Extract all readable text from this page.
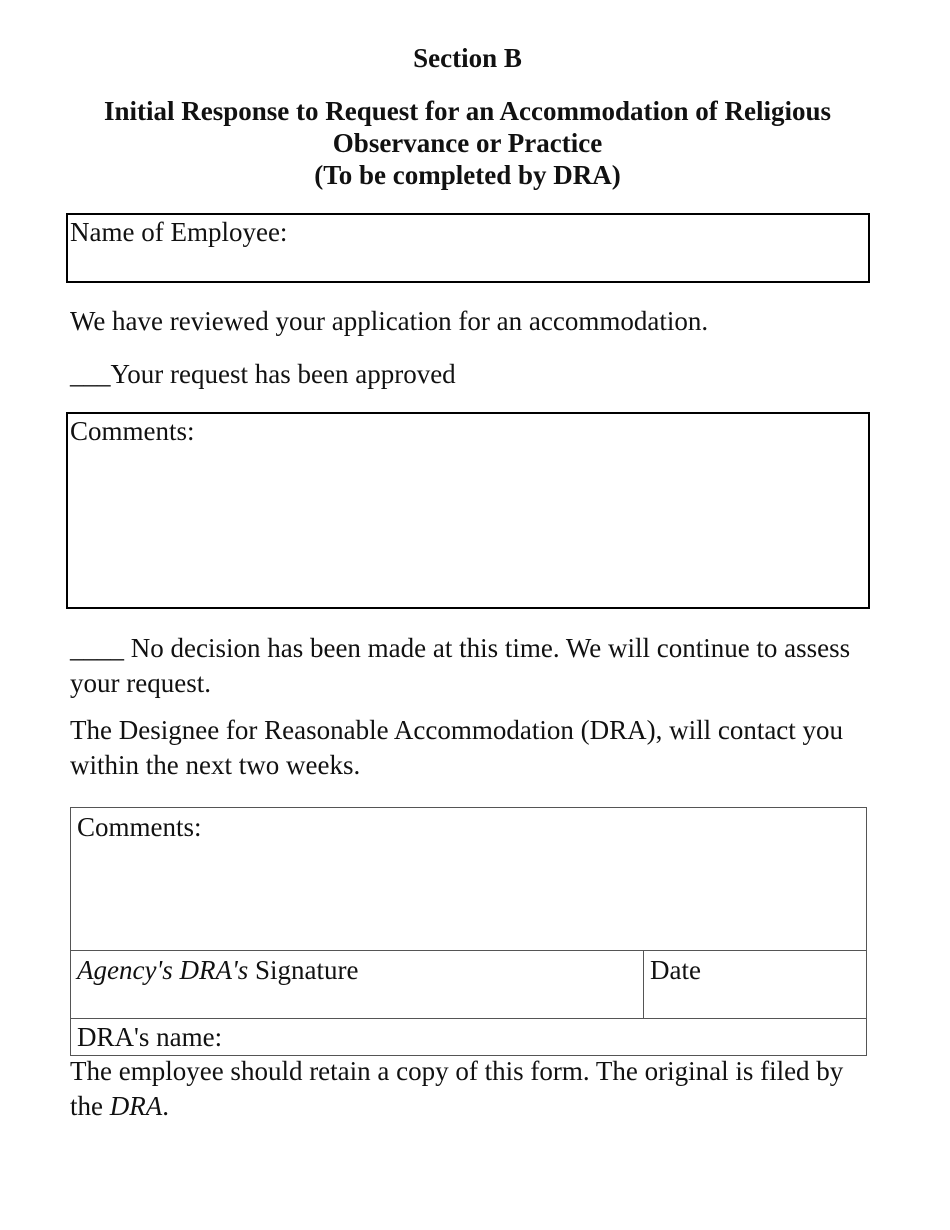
Section B
Initial Response to Request for an Accommodation of Religious
Observance or Practice
(To be completed by DRA)
Name of Employee:
We have reviewed your application for an accommodation.
___Your request has been approved
Comments:
____ No decision has been made at this time. We will continue to assess your request.
The Designee for Reasonable Accommodation (DRA), will contact you within the next two weeks.
Comments:
Agency's DRA's Signature	Date
DRA's name:
The employee should retain a copy of this form. The original is filed by the DRA.
